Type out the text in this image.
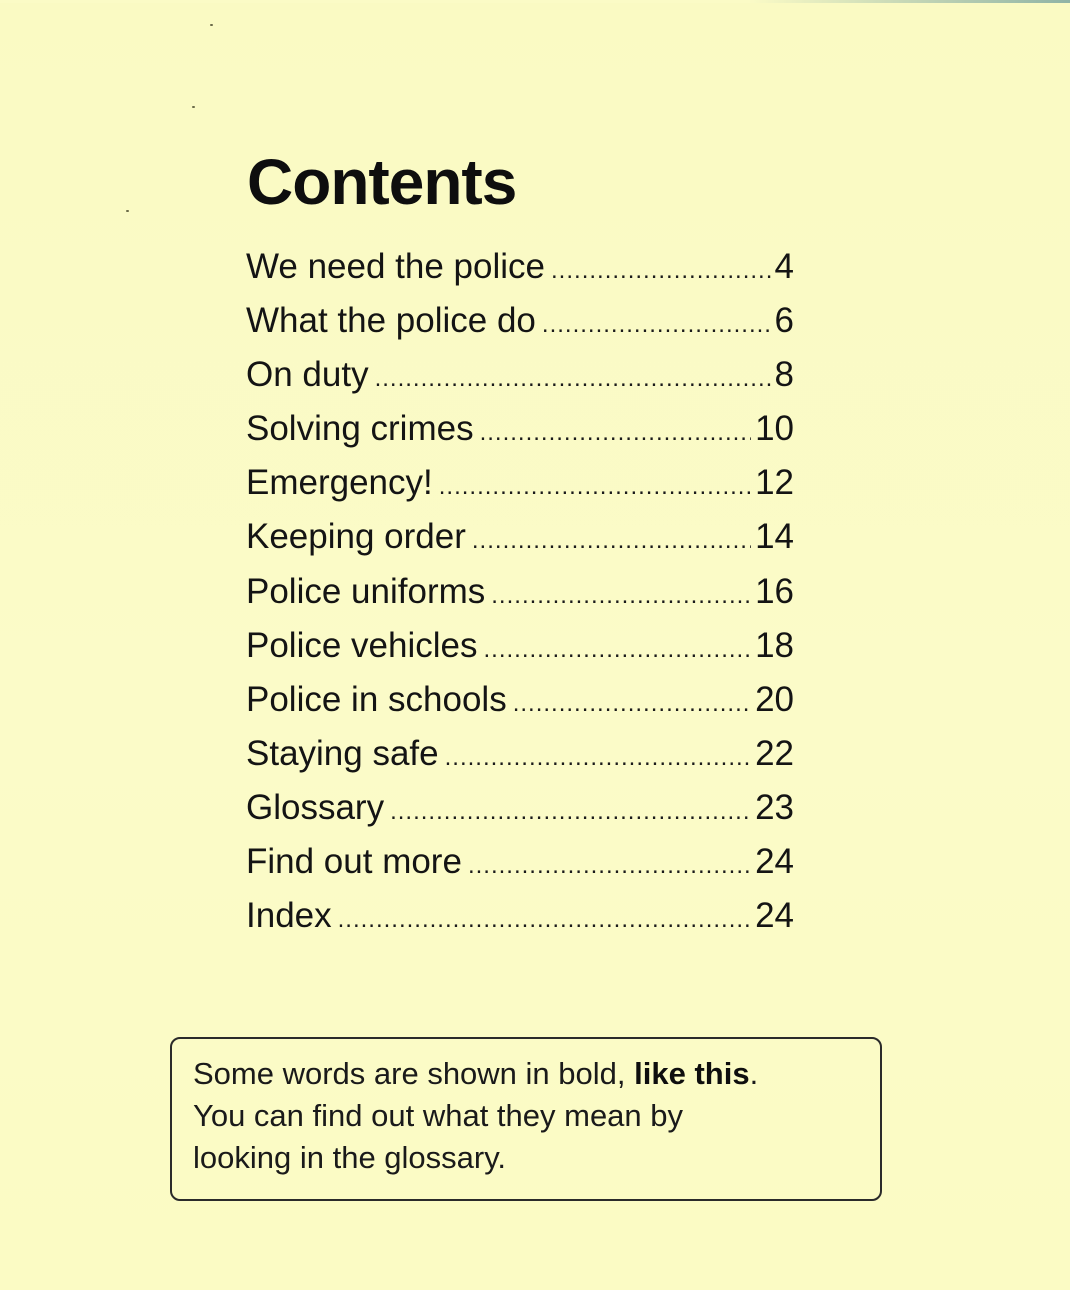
Contents
We need the police .....	4
What the police do .....	6
On duty .....	8
Solving crimes .....	10
Emergency! .....	12
Keeping order .....	14
Police uniforms .....	16
Police vehicles .....	18
Police in schools .....	20
Staying safe .....	22
Glossary .....	23
Find out more .....	24
Index .....	24

Some words are shown in bold, like this.

You can find out what they mean by

looking in the glossary.
